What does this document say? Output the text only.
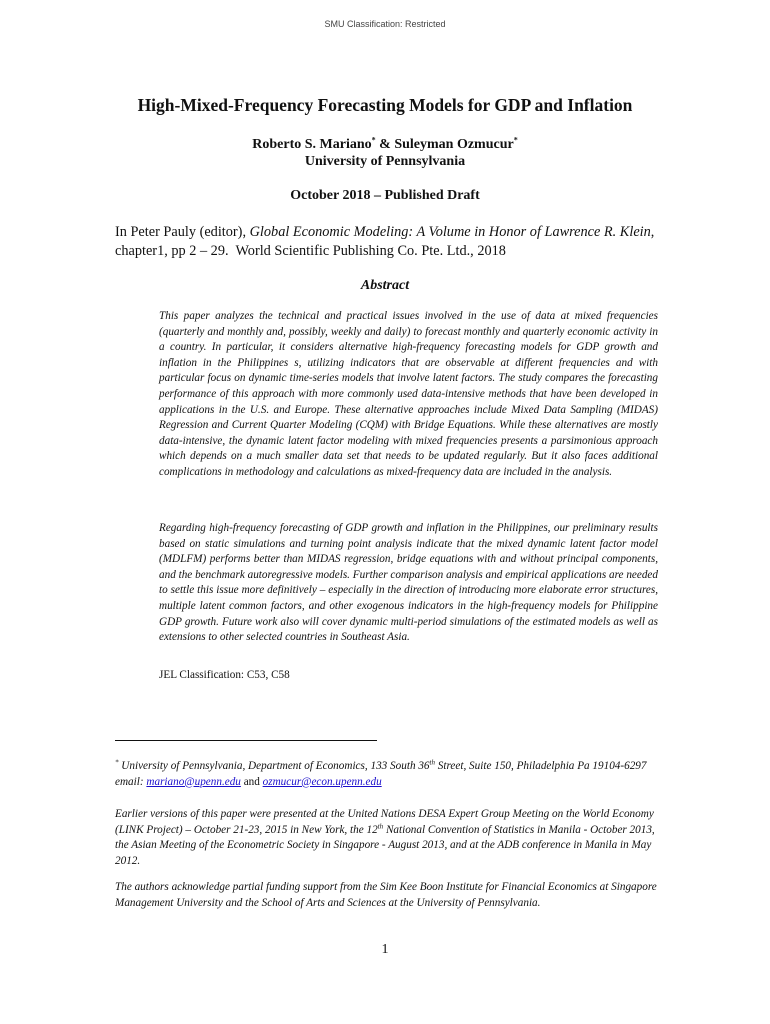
SMU Classification: Restricted
High-Mixed-Frequency Forecasting Models for GDP and Inflation
Roberto S. Mariano* & Suleyman Ozmucur*
University of Pennsylvania
October 2018 – Published Draft
In Peter Pauly (editor), Global Economic Modeling: A Volume in Honor of Lawrence R. Klein,  chapter1, pp 2 – 29.  World Scientific Publishing Co. Pte. Ltd., 2018
Abstract

This paper analyzes the technical and practical issues involved in the use of data at mixed frequencies (quarterly and monthly and, possibly, weekly and daily) to forecast monthly and quarterly economic activity in a country. In particular, it considers alternative high-frequency forecasting models for GDP growth and inflation in the Philippines s, utilizing indicators that are observable at different frequencies and with particular focus on dynamic time-series models that involve latent factors. The study compares the forecasting performance of this approach with more commonly used data-intensive methods that have been developed in applications in the U.S. and Europe. These alternative approaches include Mixed Data Sampling (MIDAS) Regression and Current Quarter Modeling (CQM) with Bridge Equations. While these alternatives are mostly data-intensive, the dynamic latent factor modeling with mixed frequencies presents a parsimonious approach which depends on a much smaller data set that needs to be updated regularly. But it also faces additional complications in methodology and calculations as mixed-frequency data are included in the analysis.

Regarding high-frequency forecasting of GDP growth and inflation in the Philippines, our preliminary results based on static simulations and turning point analysis indicate that the mixed dynamic latent factor model (MDLFM) performs better than MIDAS regression, bridge equations with and without principal components, and the benchmark autoregressive models. Further comparison analysis and empirical applications are needed to settle this issue more definitively – especially in the direction of introducing more elaborate error structures, multiple latent common factors, and other exogenous indicators in the high-frequency models for Philippine GDP growth. Future work also will cover dynamic multi-period simulations of the estimated models as well as extensions to other selected countries in Southeast Asia.

JEL Classification: C53, C58

* University of Pennsylvania, Department of Economics, 133 South 36th Street, Suite 150, Philadelphia Pa 19104-6297          email: mariano@upenn.edu and ozmucur@econ.upenn.edu

Earlier versions of this paper were presented at the United Nations DESA Expert Group Meeting on the World Economy (LINK Project) – October 21-23, 2015 in New York, the 12th National Convention of Statistics in Manila - October 2013, the Asian Meeting of the Econometric Society in Singapore - August 2013, and at the ADB conference in Manila in May 2012.

The authors acknowledge partial funding support from the Sim Kee Boon Institute for Financial Economics at Singapore Management University and the School of Arts and Sciences at the University of Pennsylvania.

1
